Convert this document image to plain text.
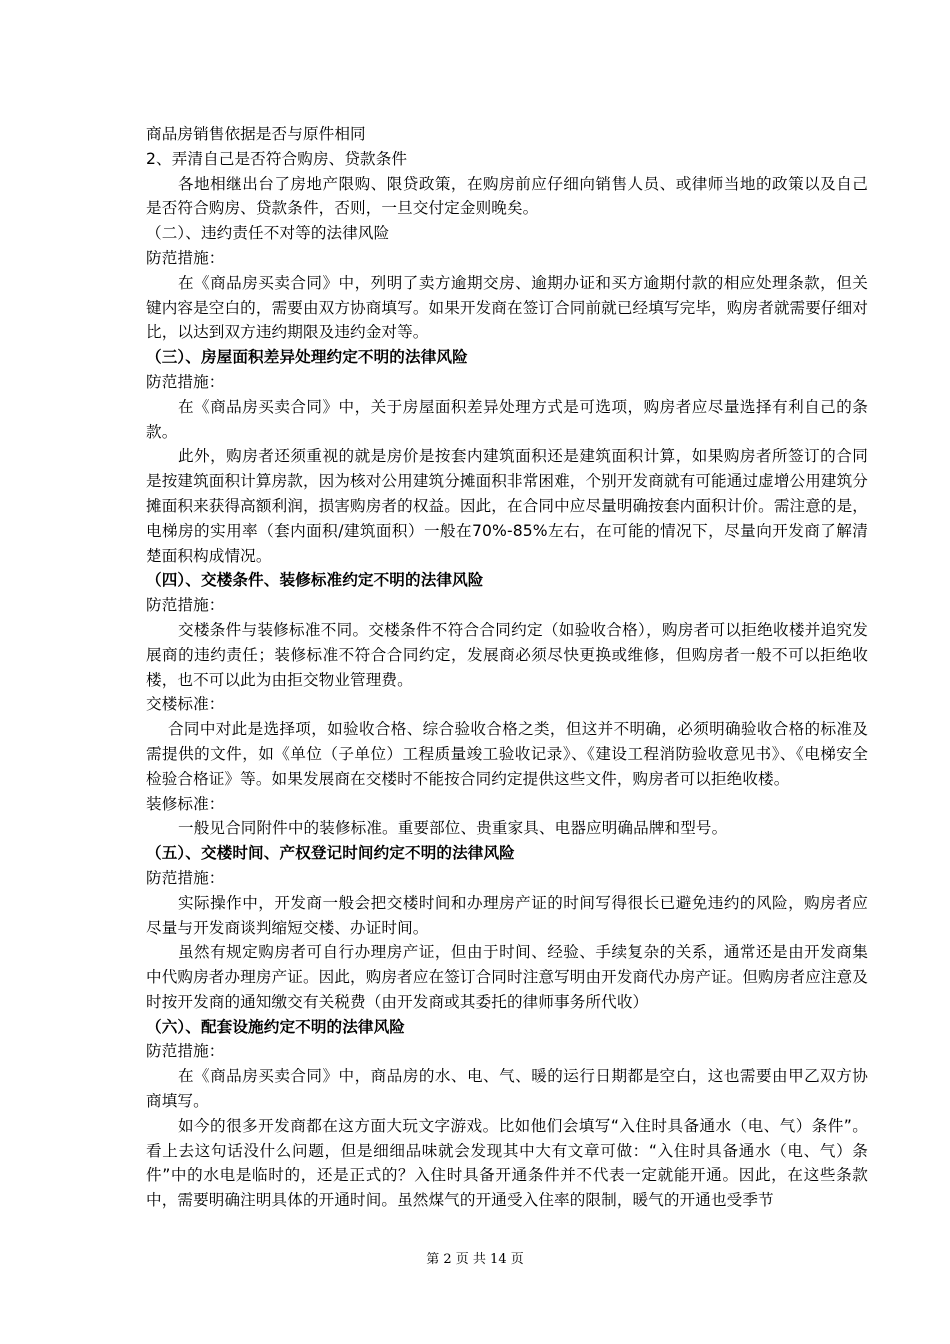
商品房销售依据是否与原件相同
2、弄清自己是否符合购房、贷款条件

各地相继出台了房地产限购、限贷政策，在购房前应仔细向销售人员、或律师当地的政策以及自己是否符合购房、贷款条件，否则，一旦交付定金则晚矣。

（二）、违约责任不对等的法律风险
防范措施：

在《商品房买卖合同》中，列明了卖方逾期交房、逾期办证和买方逾期付款的相应处理条款，但关键内容是空白的，需要由双方协商填写。如果开发商在签订合同前就已经填写完毕，购房者就需要仔细对比，以达到双方违约期限及违约金对等。

（三）、房屋面积差异处理约定不明的法律风险
防范措施：

在《商品房买卖合同》中，关于房屋面积差异处理方式是可选项，购房者应尽量选择有利自己的条款。

此外，购房者还须重视的就是房价是按套内建筑面积还是建筑面积计算，如果购房者所签订的合同是按建筑面积计算房款，因为核对公用建筑分摊面积非常困难，个别开发商就有可能通过虚增公用建筑分摊面积来获得高额利润，损害购房者的权益。因此，在合同中应尽量明确按套内面积计价。需注意的是，电梯房的实用率（套内面积/建筑面积）一般在70%-85%左右，在可能的情况下，尽量向开发商了解清楚面积构成情况。

（四）、交楼条件、装修标准约定不明的法律风险
防范措施：

交楼条件与装修标准不同。交楼条件不符合合同约定（如验收合格），购房者可以拒绝收楼并追究发展商的违约责任；装修标准不符合合同约定，发展商必须尽快更换或维修，但购房者一般不可以拒绝收楼，也不可以此为由拒交物业管理费。

交楼标准：

合同中对此是选择项，如验收合格、综合验收合格之类，但这并不明确，必须明确验收合格的标准及需提供的文件，如《单位（子单位）工程质量竣工验收记录》、《建设工程消防验收意见书》、《电梯安全检验合格证》等。如果发展商在交楼时不能按合同约定提供这些文件，购房者可以拒绝收楼。

装修标准：

一般见合同附件中的装修标准。重要部位、贵重家具、电器应明确品牌和型号。

（五）、交楼时间、产权登记时间约定不明的法律风险
防范措施：

实际操作中，开发商一般会把交楼时间和办理房产证的时间写得很长已避免违约的风险，购房者应尽量与开发商谈判缩短交楼、办证时间。

虽然有规定购房者可自行办理房产证，但由于时间、经验、手续复杂的关系，通常还是由开发商集中代购房者办理房产证。因此，购房者应在签订合同时注意写明由开发商代办房产证。但购房者应注意及时按开发商的通知缴交有关税费（由开发商或其委托的律师事务所代收）

（六）、配套设施约定不明的法律风险
防范措施：

在《商品房买卖合同》中，商品房的水、电、气、暖的运行日期都是空白，这也需要由甲乙双方协商填写。

如今的很多开发商都在这方面大玩文字游戏。比如他们会填写“入住时具备通水（电、气）条件”。看上去这句话没什么问题，但是细细品味就会发现其中大有文章可做：“入住时具备通水（电、气）条件”中的水电是临时的，还是正式的？入住时具备开通条件并不代表一定就能开通。因此，在这些条款中，需要明确注明具体的开通时间。虽然煤气的开通受入住率的限制，暖气的开通也受季节

第 2 页 共 14 页
